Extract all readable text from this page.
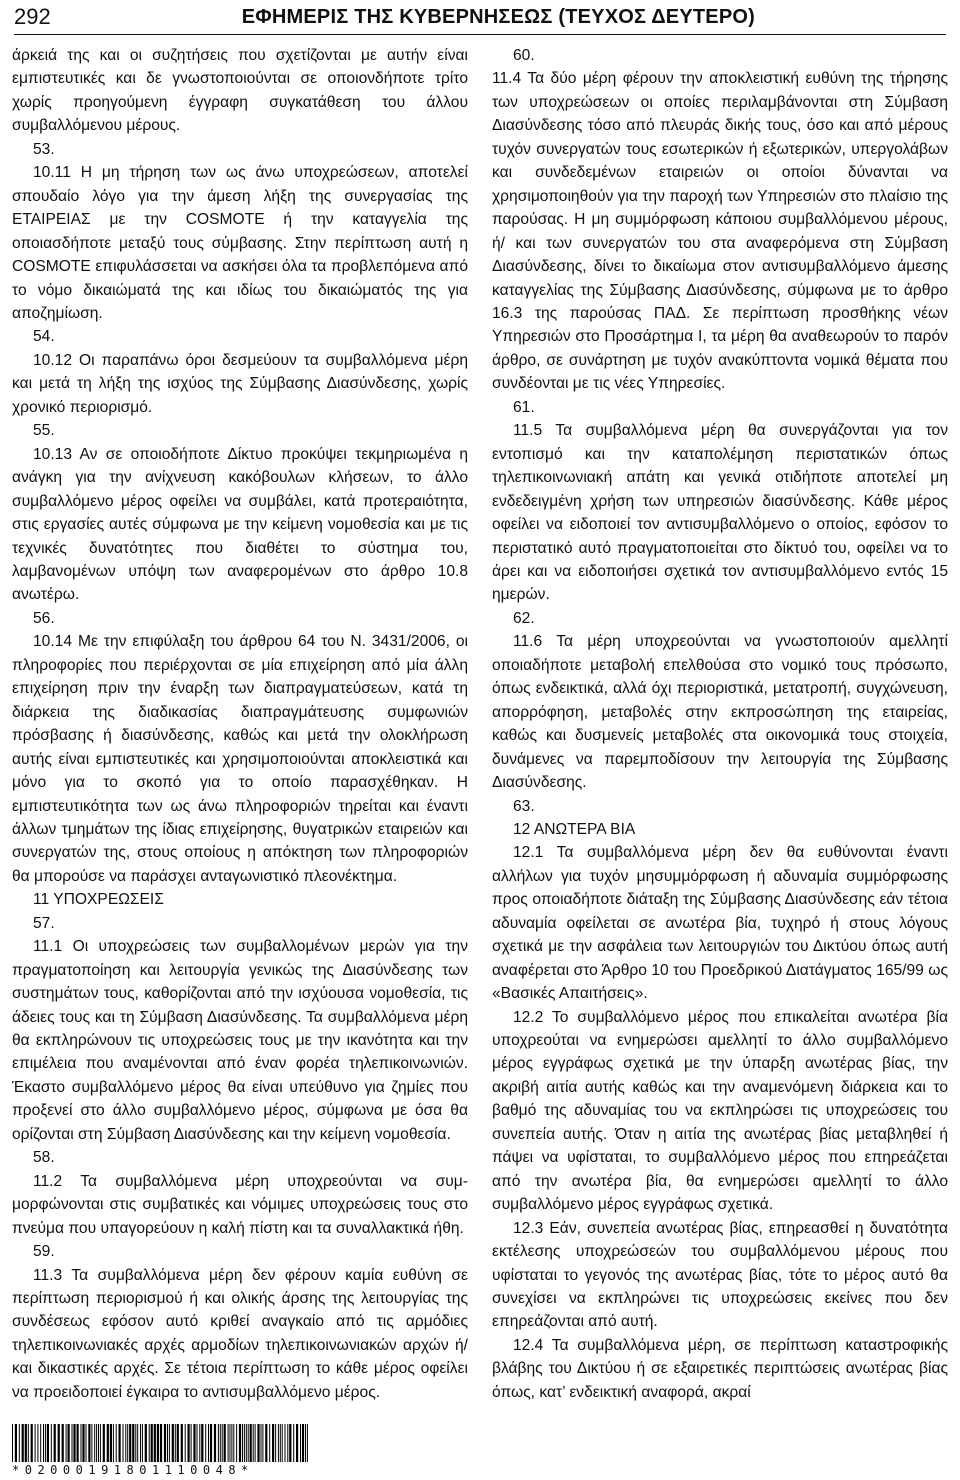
292	ΕΦΗΜΕΡΙΣ ΤΗΣ ΚΥΒΕΡΝΗΣΕΩΣ (ΤΕΥΧΟΣ ΔΕΥΤΕΡΟ)

άρκειά της και οι συζητήσεις που σχετίζονται με αυτήν είναι εμπιστευτικές και δε γνωστοποιούνται σε οποιονδήποτε τρίτο χωρίς προηγούμενη έγγραφη συγκατάθεση του άλλου συμβαλλόμενου μέρους.

53.

10.11 Η μη τήρηση των ως άνω υποχρεώσεων, αποτελεί σπουδαίο λόγο για την άμεση λήξη της συνεργασίας της ΕΤΑΙΡΕΙΑΣ με την COSMOTE ή την καταγγελία της οποιασδήποτε μεταξύ τους σύμβασης. Στην περίπτωση αυτή η COSMOTE επιφυλάσσεται να ασκήσει όλα τα προβλεπόμενα από το νόμο δικαιώματά της και ιδίως του δικαιώματός της για αποζημίωση.

54.

10.12 Οι παραπάνω όροι δεσμεύουν τα συμβαλλόμενα μέρη και μετά τη λήξη της ισχύος της Σύμβασης Διασύνδεσης, χωρίς χρονικό περιορισμό.

55.

10.13 Αν σε οποιοδήποτε Δίκτυο προκύψει τεκμηριωμένα η ανάγκη για την ανίχνευση κακόβουλων κλήσεων, το άλλο συμβαλλόμενο μέρος οφείλει να συμβάλει, κατά προτεραιότητα, στις εργασίες αυτές σύμφωνα με την κείμενη νομοθεσία και με τις τεχνικές δυνατότητες που διαθέτει το σύστημα του, λαμβανομένων υπόψη των αναφερομένων στο άρθρο 10.8 ανωτέρω.

56.

10.14 Με την επιφύλαξη του άρθρου 64 του Ν. 3431/2006, οι πληροφορίες που περιέρχονται σε μία επιχείρηση από μία άλλη επιχείρηση πριν την έναρξη των διαπραγματεύσεων, κατά τη διάρκεια της διαδικασίας διαπραγμάτευσης συμφωνιών πρόσβασης ή διασύνδεσης, καθώς και μετά την ολοκλήρωση αυτής είναι εμπιστευτικές και χρησιμοποιούνται αποκλειστικά και μόνο για το σκοπό για το οποίο παρασχέθηκαν. Η εμπιστευτικότητα των ως άνω πληροφοριών τηρείται και έναντι άλλων τμημάτων της ίδιας επιχείρησης, θυγατρικών εταιρειών και συνεργατών της, στους οποίους η απόκτηση των πληροφοριών θα μπορούσε να παράσχει ανταγωνιστικό πλεονέκτημα.

11 ΥΠΟΧΡΕΩΣΕΙΣ

57.

11.1 Οι υποχρεώσεις των συμβαλλομένων μερών για την πραγματοποίηση και λειτουργία γενικώς της Διασύνδεσης των συστημάτων τους, καθορίζονται από την ισχύουσα νομοθεσία, τις άδειες τους και τη Σύμβαση Διασύνδεσης. Τα συμβαλλόμενα μέρη θα εκπληρώνουν τις υποχρεώσεις τους με την ικανότητα και την επιμέλεια που αναμένονται από έναν φορέα τηλεπικοινωνιών. Έκαστο συμβαλλόμενο μέρος θα είναι υπεύθυνο για ζημίες που προξενεί στο άλλο συμβαλλόμενο μέρος, σύμφωνα με όσα θα ορίζονται στη Σύμβαση Διασύνδεσης και την κείμενη νομοθεσία.

58.

11.2 Τα συμβαλλόμενα μέρη υποχρεούνται να συμμορφώνονται στις συμβατικές και νόμιμες υποχρεώσεις τους στο πνεύμα που υπαγορεύουν η καλή πίστη και τα συναλλακτικά ήθη.

59.

11.3 Τα συμβαλλόμενα μέρη δεν φέρουν καμία ευθύνη σε περίπτωση περιορισμού ή και ολικής άρσης της λειτουργίας της συνδέσεως εφόσον αυτό κριθεί αναγκαίο από τις αρμόδιες τηλεπικοινωνιακές αρχές αρμοδίων τηλεπικοινωνιακών αρχών ή/και δικαστικές αρχές. Σε τέτοια περίπτωση το κάθε μέρος οφείλει να προειδοποιεί έγκαιρα το αντισυμβαλλόμενο μέρος.

60.

11.4 Τα δύο μέρη φέρουν την αποκλειστική ευθύνη της τήρησης των υποχρεώσεων οι οποίες περιλαμβάνονται στη Σύμβαση Διασύνδεσης τόσο από πλευράς δικής τους, όσο και από μέρους τυχόν συνεργατών τους εσωτερικών ή εξωτερικών, υπεργολάβων και συνδεδεμένων εταιρειών οι οποίοι δύνανται να χρησιμοποιηθούν για την παροχή των Υπηρεσιών στο πλαίσιο της παρούσας. Η μη συμμόρφωση κάποιου συμβαλλόμενου μέρους, ή/ και των συνεργατών του στα αναφερόμενα στη Σύμβαση Διασύνδεσης, δίνει το δικαίωμα στον αντισυμβαλλόμενο άμεσης καταγγελίας της Σύμβασης Διασύνδεσης, σύμφωνα με το άρθρο 16.3 της παρούσας ΠΑΔ. Σε περίπτωση προσθήκης νέων Υπηρεσιών στο Προσάρτημα I, τα μέρη θα αναθεωρούν το παρόν άρθρο, σε συνάρτηση με τυχόν ανακύπτοντα νομικά θέματα που συνδέονται με τις νέες Υπηρεσίες.

61.

11.5 Τα συμβαλλόμενα μέρη θα συνεργάζονται για τον εντοπισμό και την καταπολέμηση περιστατικών όπως τηλεπικοινωνιακή απάτη και γενικά οτιδήποτε αποτελεί μη ενδεδειγμένη χρήση των υπηρεσιών διασύνδεσης. Κάθε μέρος οφείλει να ειδοποιεί τον αντισυμβαλλόμενο ο οποίος, εφόσον το περιστατικό αυτό πραγματοποιείται στο δίκτυό του, οφείλει να το άρει και να ειδοποιήσει σχετικά τον αντισυμβαλλόμενο εντός 15 ημερών.

62.

11.6 Τα μέρη υποχρεούνται να γνωστοποιούν αμελλητί οποιαδήποτε μεταβολή επελθούσα στο νομικό τους πρόσωπο, όπως ενδεικτικά, αλλά όχι περιοριστικά, μετατροπή, συγχώνευση, απορρόφηση, μεταβολές στην εκπροσώπηση της εταιρείας, καθώς και δυσμενείς μεταβολές στα οικονομικά τους στοιχεία, δυνάμενες να παρεμποδίσουν την λειτουργία της Σύμβασης Διασύνδεσης.

63.

12 ΑΝΩΤΕΡΑ ΒΙΑ

12.1 Τα συμβαλλόμενα μέρη δεν θα ευθύνονται έναντι αλλήλων για τυχόν μησυμμόρφωση ή αδυναμία συμμόρφωσης προς οποιαδήποτε διάταξη της Σύμβασης Διασύνδεσης εάν τέτοια αδυναμία οφείλεται σε ανωτέρα βία, τυχηρό ή στους λόγους σχετικά με την ασφάλεια των λειτουργιών του Δικτύου όπως αυτή αναφέρεται στο Άρθρο 10 του Προεδρικού Διατάγματος 165/99 ως «Βασικές Απαιτήσεις».

12.2 Το συμβαλλόμενο μέρος που επικαλείται ανωτέρα βία υποχρεούται να ενημερώσει αμελλητί το άλλο συμβαλλόμενο μέρος εγγράφως σχετικά με την ύπαρξη ανωτέρας βίας, την ακριβή αιτία αυτής καθώς και την αναμενόμενη διάρκεια και το βαθμό της αδυναμίας του να εκπληρώσει τις υποχρεώσεις του συνεπεία αυτής. Όταν η αιτία της ανωτέρας βίας μεταβληθεί ή πάψει να υφίσταται, το συμβαλλόμενο μέρος που επηρεάζεται από την ανωτέρα βία, θα ενημερώσει αμελλητί το άλλο συμβαλλόμενο μέρος εγγράφως σχετικά.

12.3 Εάν, συνεπεία ανωτέρας βίας, επηρεασθεί η δυνατότητα εκτέλεσης υποχρεώσεών του συμβαλλόμενου μέρους που υφίσταται το γεγονός της ανωτέρας βίας, τότε το μέρος αυτό θα συνεχίσει να εκπληρώνει τις υποχρεώσεις εκείνες που δεν επηρεάζονται από αυτή.

12.4 Τα συμβαλλόμενα μέρη, σε περίπτωση καταστροφικής βλάβης του Δικτύου ή σε εξαιρετικές περιπτώσεις ανωτέρας βίας όπως, κατ’ ενδεικτική αναφορά, ακραί

*02000191801110048*
